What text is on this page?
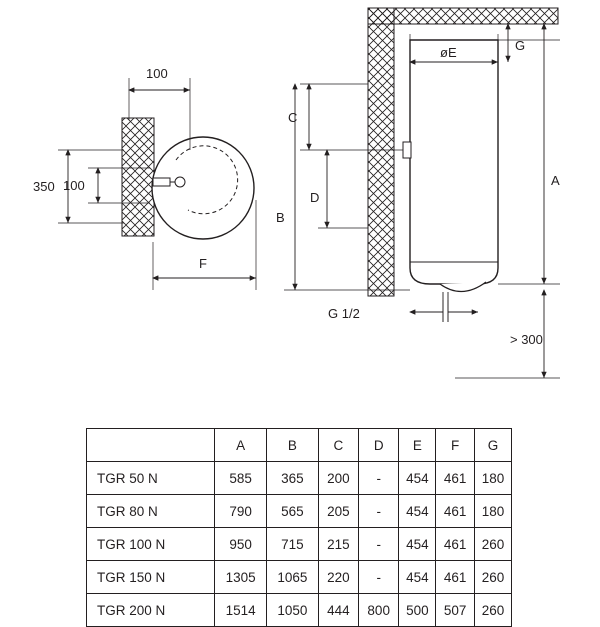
100
350 100
F
øE	G
A
> 300
C
B
D
G 1/2
	A	B	C	D	E	F	G
TGR 50 N	585	365	200	-	454	461	180
TGR 80 N	790	565	205	-	454	461	180
TGR 100 N	950	715	215	-	454	461	260
TGR 150 N	1305	1065	220	-	454	461	260
TGR 200 N	1514	1050	444	800	500	507	260
